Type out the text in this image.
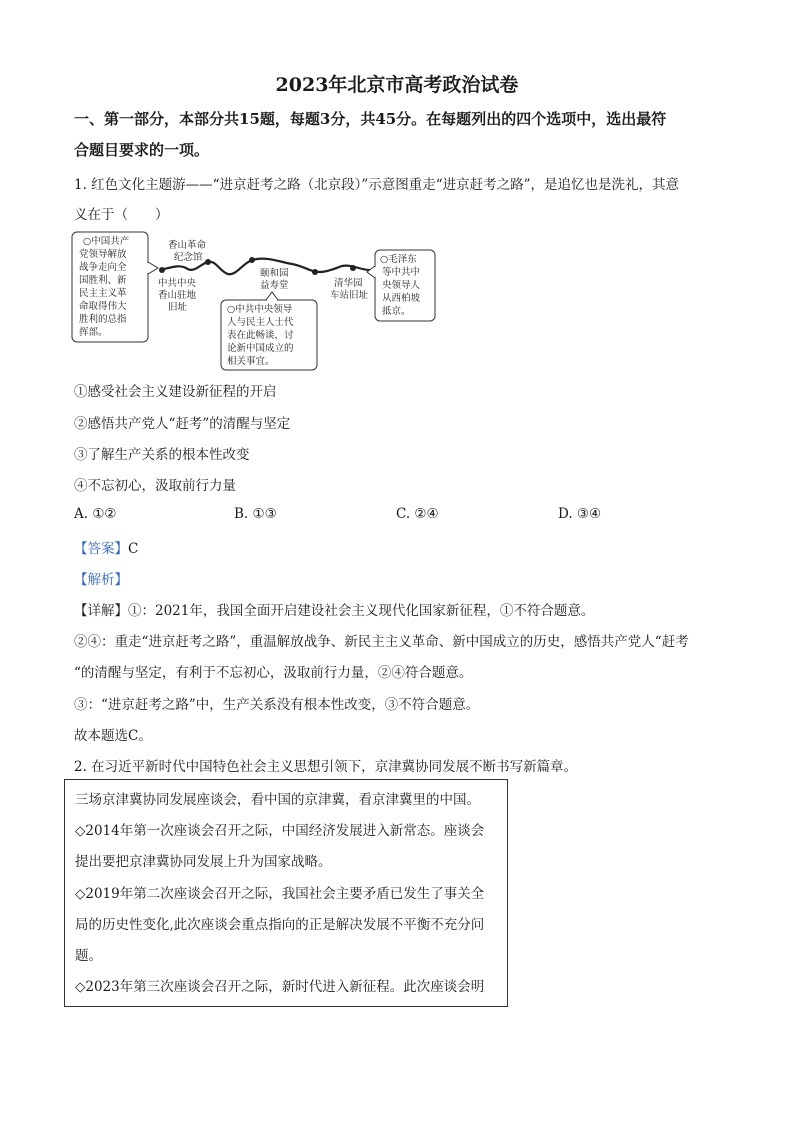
2023年北京市高考政治试卷
一、第一部分，本部分共15题，每题3分，共45分。在每题列出的四个选项中，选出最符
合题目要求的一项。
1. 红色文化主题游——“进京赶考之路（北京段）”示意图重走“进京赶考之路”，是追忆也是洗礼，其意
义在于（　　）
○中国共产
党领导解放
战争走向全
国胜利、新
民主主义革
命取得伟大
胜利的总指
挥部。
香山革命
纪念馆
中共中央
香山驻地
旧址
颐和园
益寿堂	清华园
车站旧址
○中共中央领导
人与民主人士代
表在此畅谈，讨
论新中国成立的
相关事宜。
○毛泽东
等中共中
央领导人
从西柏坡
抵京。
①感受社会主义建设新征程的开启
②感悟共产党人“赶考”的清醒与坚定
③了解生产关系的根本性改变
④不忘初心，汲取前行力量
A. ①②	B. ①③	C. ②④	D. ③④
【答案】C
【解析】
【详解】①：2021年，我国全面开启建设社会主义现代化国家新征程，①不符合题意。
②④：重走“进京赶考之路”，重温解放战争、新民主主义革命、新中国成立的历史，感悟共产党人“赶考
“的清醒与坚定，有利于不忘初心，汲取前行力量，②④符合题意。
③：“进京赶考之路”中，生产关系没有根本性改变，③不符合题意。
故本题选C。
2. 在习近平新时代中国特色社会主义思想引领下，京津冀协同发展不断书写新篇章。
三场京津冀协同发展座谈会，看中国的京津冀，看京津冀里的中国。
◇2014年第一次座谈会召开之际，中国经济发展进入新常态。座谈会
提出要把京津冀协同发展上升为国家战略。
◇2019年第二次座谈会召开之际，我国社会主要矛盾已发生了事关全
局的历史性变化,此次座谈会重点指向的正是解决发展不平衡不充分问
题。
◇2023年第三次座谈会召开之际，新时代进入新征程。此次座谈会明
